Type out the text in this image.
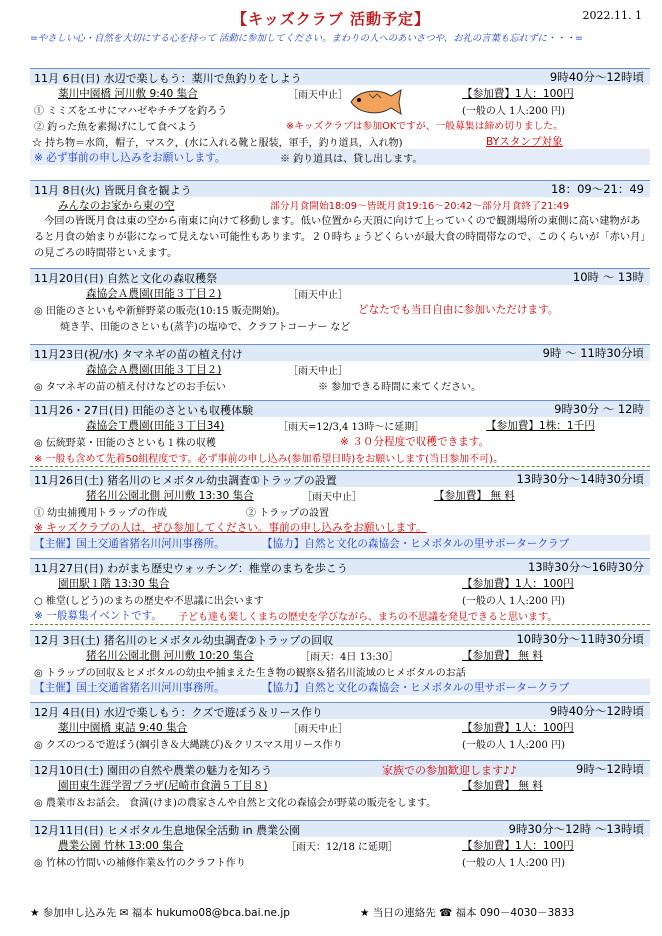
【キッズクラブ 活動予定】	2022.11. 1
=やさしい心・自然を大切にする心を持って 活動に参加してください。まわりの人へのあいさつや、お礼の言葉も忘れずに・・・=
11月 6日(日) 水辺で楽しもう：薬川で魚釣りをしよう	9時40分～12時頃
薬川中園橋 河川敷 9:40 集合	［雨天中止］	【参加費】1人：100円
① ミミズをエサにマハゼやチチブを釣ろう	(一般の人 1人:200 円)
② 釣った魚を素揚げにして食べよう	※キッズクラブは参加OKですが、一般募集は締め切りました。
☆ 持ち物＝水筒，帽子，マスク，(水に入れる靴と服装，軍手，釣り道具，入れ物)	BYスタンプ対象
※ 必ず事前の申し込みをお願いします。	※ 釣り道具は、貸し出します。
11月 8日(火) 皆既月食を観よう	18：09～21：49
みんなのお家から東の空	部分月食開始18:09～皆既月食19:16～20:42～部分月食終了21:49
今回の皆既月食は東の空から南東に向けて移動します。低い位置から天頂に向けて上っていくので観測場所の東側に高い建物があると月食の始まりが影になって見えない可能性もあります。２０時ちょうどくらいが最大食の時間帯なので、このくらいが「赤い月」の見ごろの時間帯といえます。
11月20日(日) 自然と文化の森収穫祭	10時 ～ 13時
森協会Ａ農園(田能３丁目２)	［雨天中止］
◎ 田能のさといもや新鮮野菜の販売(10:15 販売開始)。	どなたでも当日自由に参加いただけます。
焼き芋、田能のさといも(蒸芋)の塩ゆで、クラフトコーナー など
11月23日(祝/水) タマネギの苗の植え付け	9時 ～ 11時30分頃
森協会Ａ農園(田能３丁目２)	［雨天中止］
◎ タマネギの苗の植え付けなどのお手伝い	※ 参加できる時間に来てください。
11月26・27日(日) 田能のさといも収穫体験	9時30分 ～ 12時
森協会Ｔ農園(田能３丁目34)	［雨天=12/3,4 13時～に延期］	【参加費】1株：1千円
◎ 伝統野菜・田能のさといも１株の収穫	※ ３０分程度で収穫できます。
※ 一般も含めて先着50組程度です。必ず事前の申し込み(参加希望日時)をお願いします(当日参加不可)。
11月26日(土) 猪名川のヒメボタル幼虫調査①トラップの設置	13時30分～14時30分頃
猪名川公園北側 河川敷 13:30 集合	［雨天中止］	【参加費】 無 料
① 幼虫捕獲用トラップの作成	② トラップの設置
※ キッズクラブの人は、ぜひ参加してください。事前の申し込みをお願いします。
【主催】国土交通省猪名川河川事務所。	【協力】自然と文化の森協会・ヒメボタルの里サポータークラブ
11月27日(日) わがまち歴史ウォッチング：椎堂のまちを歩こう	13時30分～16時30分
園田駅１階 13:30 集合	【参加費】1人：100円
○ 椎堂(しどう)のまちの歴史や不思議に出会います	(一般の人 1人:200 円)
※ 一般募集イベントです。 子ども達も楽しくまちの歴史を学びながら、まちの不思議を発見できると思います。
12月 3日(土) 猪名川のヒメボタル幼虫調査②トラップの回収	10時30分～11時30分頃
猪名川公園北側 河川敷 10:20 集合	［雨天：4日 13:30］	【参加費】 無 料
◎ トラップの回収＆ヒメボタルの幼虫や捕まえた生き物の観察＆猪名川流域のヒメボタルのお話
【主催】国土交通省猪名川河川事務所。	【協力】自然と文化の森協会・ヒメボタルの里サポータークラブ
12月 4日(日) 水辺で楽しもう：クズで遊ぼう＆リース作り	9時40分～12時頃
薬川中園橋 東詰 9:40 集合	［雨天中止］	【参加費】1人：100円
◎ クズのつるで遊ぼう(綱引き＆大縄跳び)＆クリスマス用リース作り	(一般の人 1人:200 円)
12月10日(土) 園田の自然や農業の魅力を知ろう	家族での参加歓迎します♪♪	9時～12時頃
園田東生涯学習プラザ(尼崎市食満５丁目８)	【参加費】 無 料
◎ 農業市＆お話会。 食満(けま)の農家さんや自然と文化の森協会が野菜の販売をします。
12月11日(日) ヒメボタル生息地保全活動 in 農業公園	9時30分～12時 ～13時頃
農業公園 竹林 13:00 集合	［雨天：12/18 に延期］	【参加費】1人：100円
◎ 竹林の竹間いの補修作業＆竹のクラフト作り	(一般の人 1人:200 円)
★ 参加申し込み先 ✉ 福本 hukumo08@bca.bai.ne.jp	★ 当日の連絡先 ☎ 福本 090－4030－3833
